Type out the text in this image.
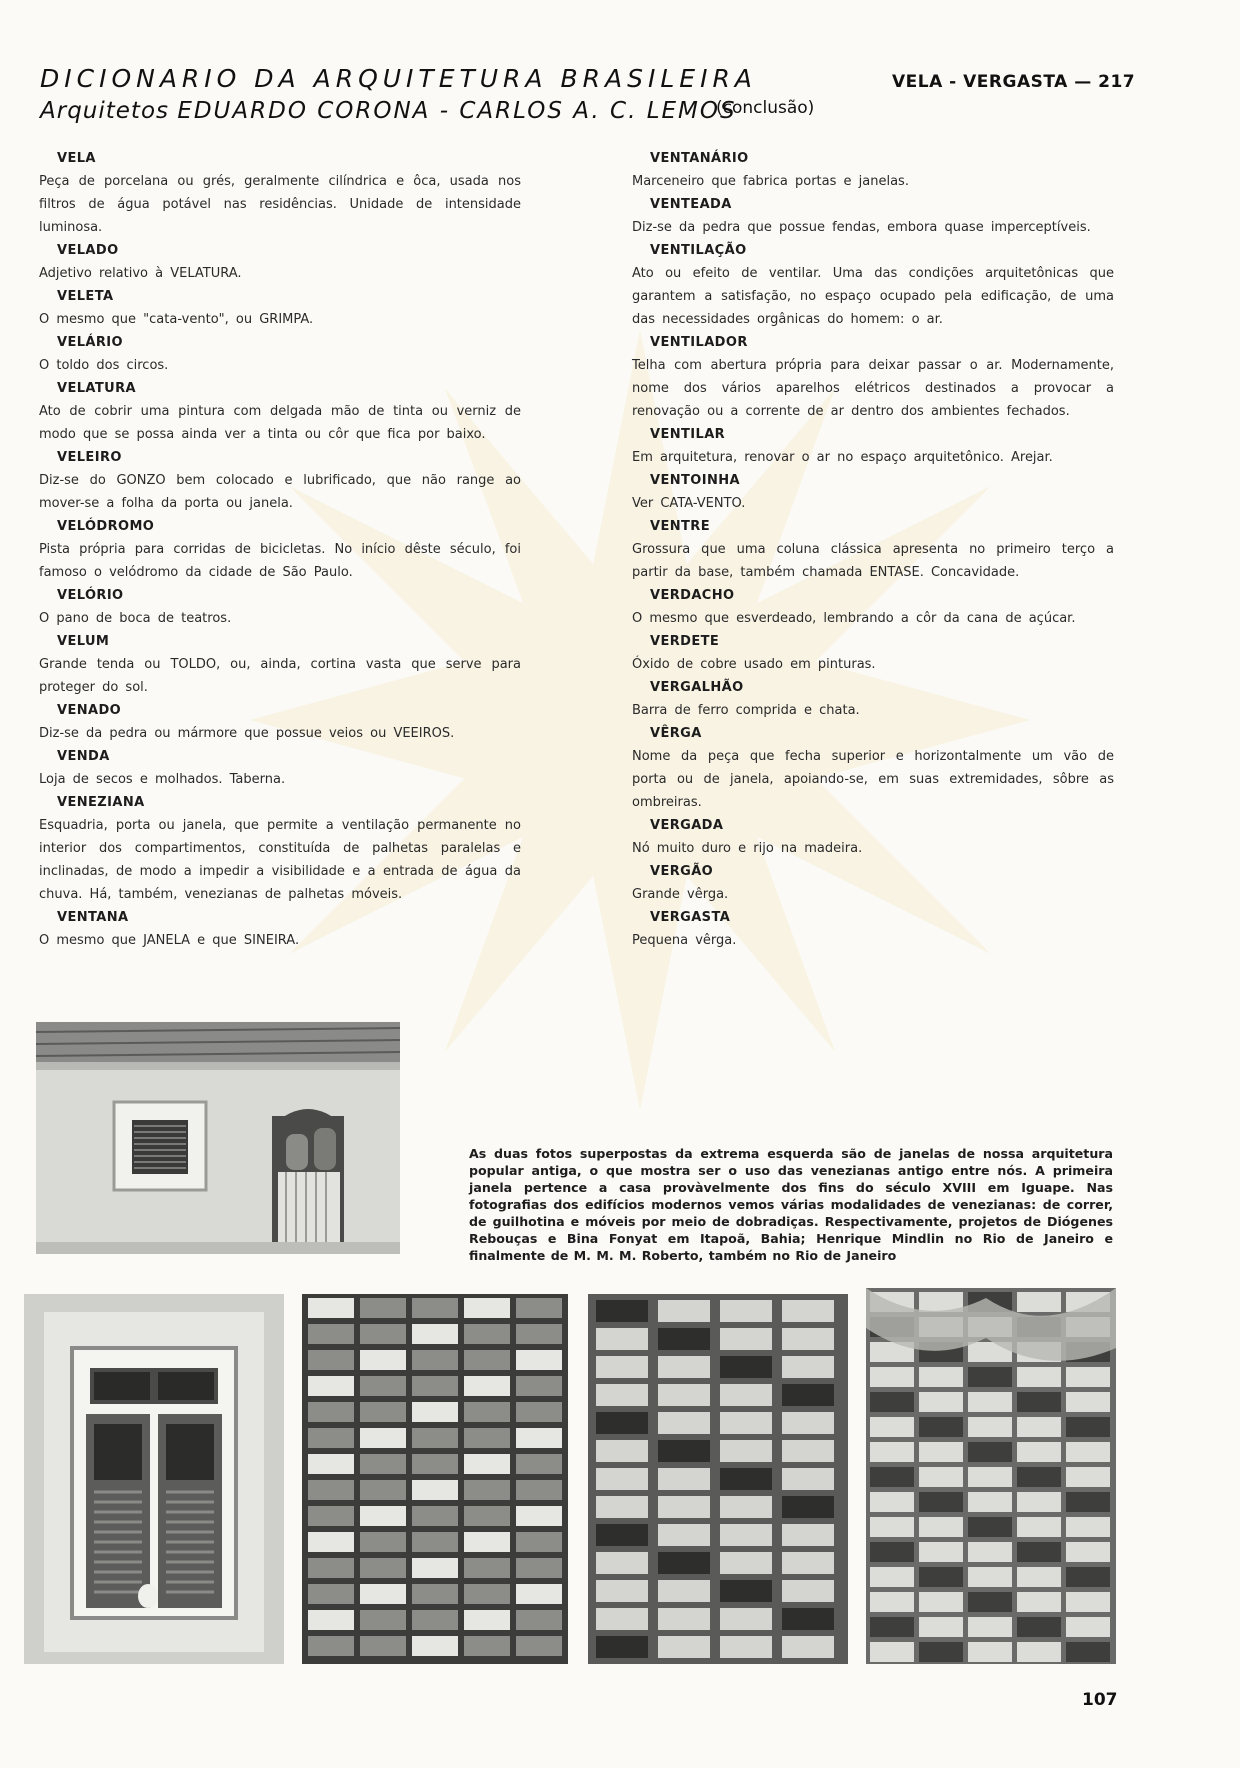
DICIONARIO DA ARQUITETURA BRASILEIRA
Arquitetos EDUARDO CORONA - CARLOS A. C. LEMOS
(conclusão)
VELA - VERGASTA — 217
VELA
Peça de porcelana ou grés, geralmente cilíndrica e ôca, usada nos filtros de água potável nas residências. Unidade de intensidade luminosa.
VELADO
Adjetivo relativo à VELATURA.
VELETA
O mesmo que "cata-vento", ou GRIMPA.
VELÁRIO
O toldo dos circos.
VELATURA
Ato de cobrir uma pintura com delgada mão de tinta ou verniz de modo que se possa ainda ver a tinta ou côr que fica por baixo.
VELEIRO
Diz-se do GONZO bem colocado e lubrificado, que não range ao mover-se a folha da porta ou janela.
VELÓDROMO
Pista própria para corridas de bicicletas. No início dêste século, foi famoso o velódromo da cidade de São Paulo.
VELÓRIO
O pano de boca de teatros.
VELUM
Grande tenda ou TOLDO, ou, ainda, cortina vasta que serve para proteger do sol.
VENADO
Diz-se da pedra ou mármore que possue veios ou VEEIROS.
VENDA
Loja de secos e molhados. Taberna.
VENEZIANA
Esquadria, porta ou janela, que permite a ventilação permanente no interior dos compartimentos, constituída de palhetas paralelas e inclinadas, de modo a impedir a visibilidade e a entrada de água da chuva. Há, também, venezianas de palhetas móveis.
VENTANA
O mesmo que JANELA e que SINEIRA.
VENTANÁRIO
Marceneiro que fabrica portas e janelas.
VENTEADA
Diz-se da pedra que possue fendas, embora quase imperceptíveis.
VENTILAÇÃO
Ato ou efeito de ventilar. Uma das condições arquitetônicas que garantem a satisfação, no espaço ocupado pela edificação, de uma das necessidades orgânicas do homem: o ar.
VENTILADOR
Telha com abertura própria para deixar passar o ar. Modernamente, nome dos vários aparelhos elétricos destinados a provocar a renovação ou a corrente de ar dentro dos ambientes fechados.
VENTILAR
Em arquitetura, renovar o ar no espaço arquitetônico. Arejar.
VENTOINHA
Ver CATA-VENTO.
VENTRE
Grossura que uma coluna clássica apresenta no primeiro terço a partir da base, também chamada ENTASE. Concavidade.
VERDACHO
O mesmo que esverdeado, lembrando a côr da cana de açúcar.
VERDETE
Óxido de cobre usado em pinturas.
VERGALHÃO
Barra de ferro comprida e chata.
VÊRGA
Nome da peça que fecha superior e horizontalmente um vão de porta ou de janela, apoiando-se, em suas extremidades, sôbre as ombreiras.
VERGADA
Nó muito duro e rijo na madeira.
VERGÃO
Grande vêrga.
VERGASTA
Pequena vêrga.

As duas fotos superpostas da extrema esquerda são de janelas de nossa arquitetura popular antiga, o que mostra ser o uso das venezianas antigo entre nós. A primeira janela pertence a casa provàvelmente dos fins do século XVIII em Iguape. Nas fotografias dos edifícios modernos vemos várias modalidades de venezianas: de correr, de guilhotina e móveis por meio de dobradiças. Respectivamente, projetos de Diógenes Rebouças e Bina Fonyat em Itapoã, Bahia; Henrique Mindlin no Rio de Janeiro e finalmente de M. M. M. Roberto, também no Rio de Janeiro

107
